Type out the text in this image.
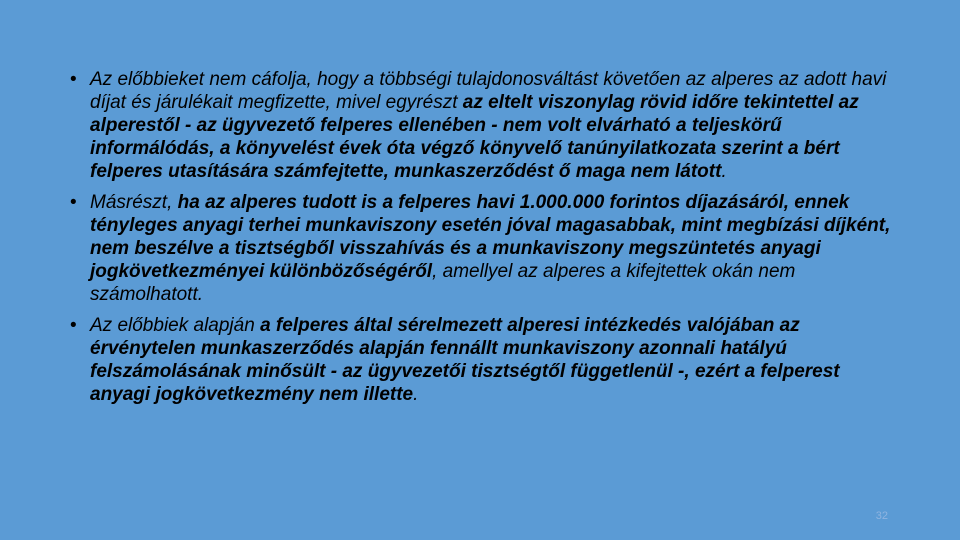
• Az előbbieket nem cáfolja, hogy a többségi tulajdonosváltást követően az alperes az adott havi díjat és járulékait megfizette, mivel egyrészt az eltelt viszonylag rövid időre tekintettel az alperestől - az ügyvezető felperes ellenében - nem volt elvárható a teljeskörű informálódás, a könyvelést évek óta végző könyvelő tanúnyilatkozata szerint a bért felperes utasítására számfejtette, munkaszerződést ő maga nem látott.
• Másrészt, ha az alperes tudott is a felperes havi 1.000.000 forintos díjazásáról, ennek tényleges anyagi terhei munkaviszony esetén jóval magasabbak, mint megbízási díjként, nem beszélve a tisztségből visszahívás és a munkaviszony megszüntetés anyagi jogkövetkezményei különbözőségéről, amellyel az alperes a kifejtettek okán nem számolhatott.
• Az előbbiek alapján a felperes által sérelmezett alperesi intézkedés valójában az érvénytelen munkaszerződés alapján fennállt munkaviszony azonnali hatályú felszámolásának minősült - az ügyvezetői tisztségtől függetlenül -, ezért a felperest anyagi jogkövetkezmény nem illette.
32
